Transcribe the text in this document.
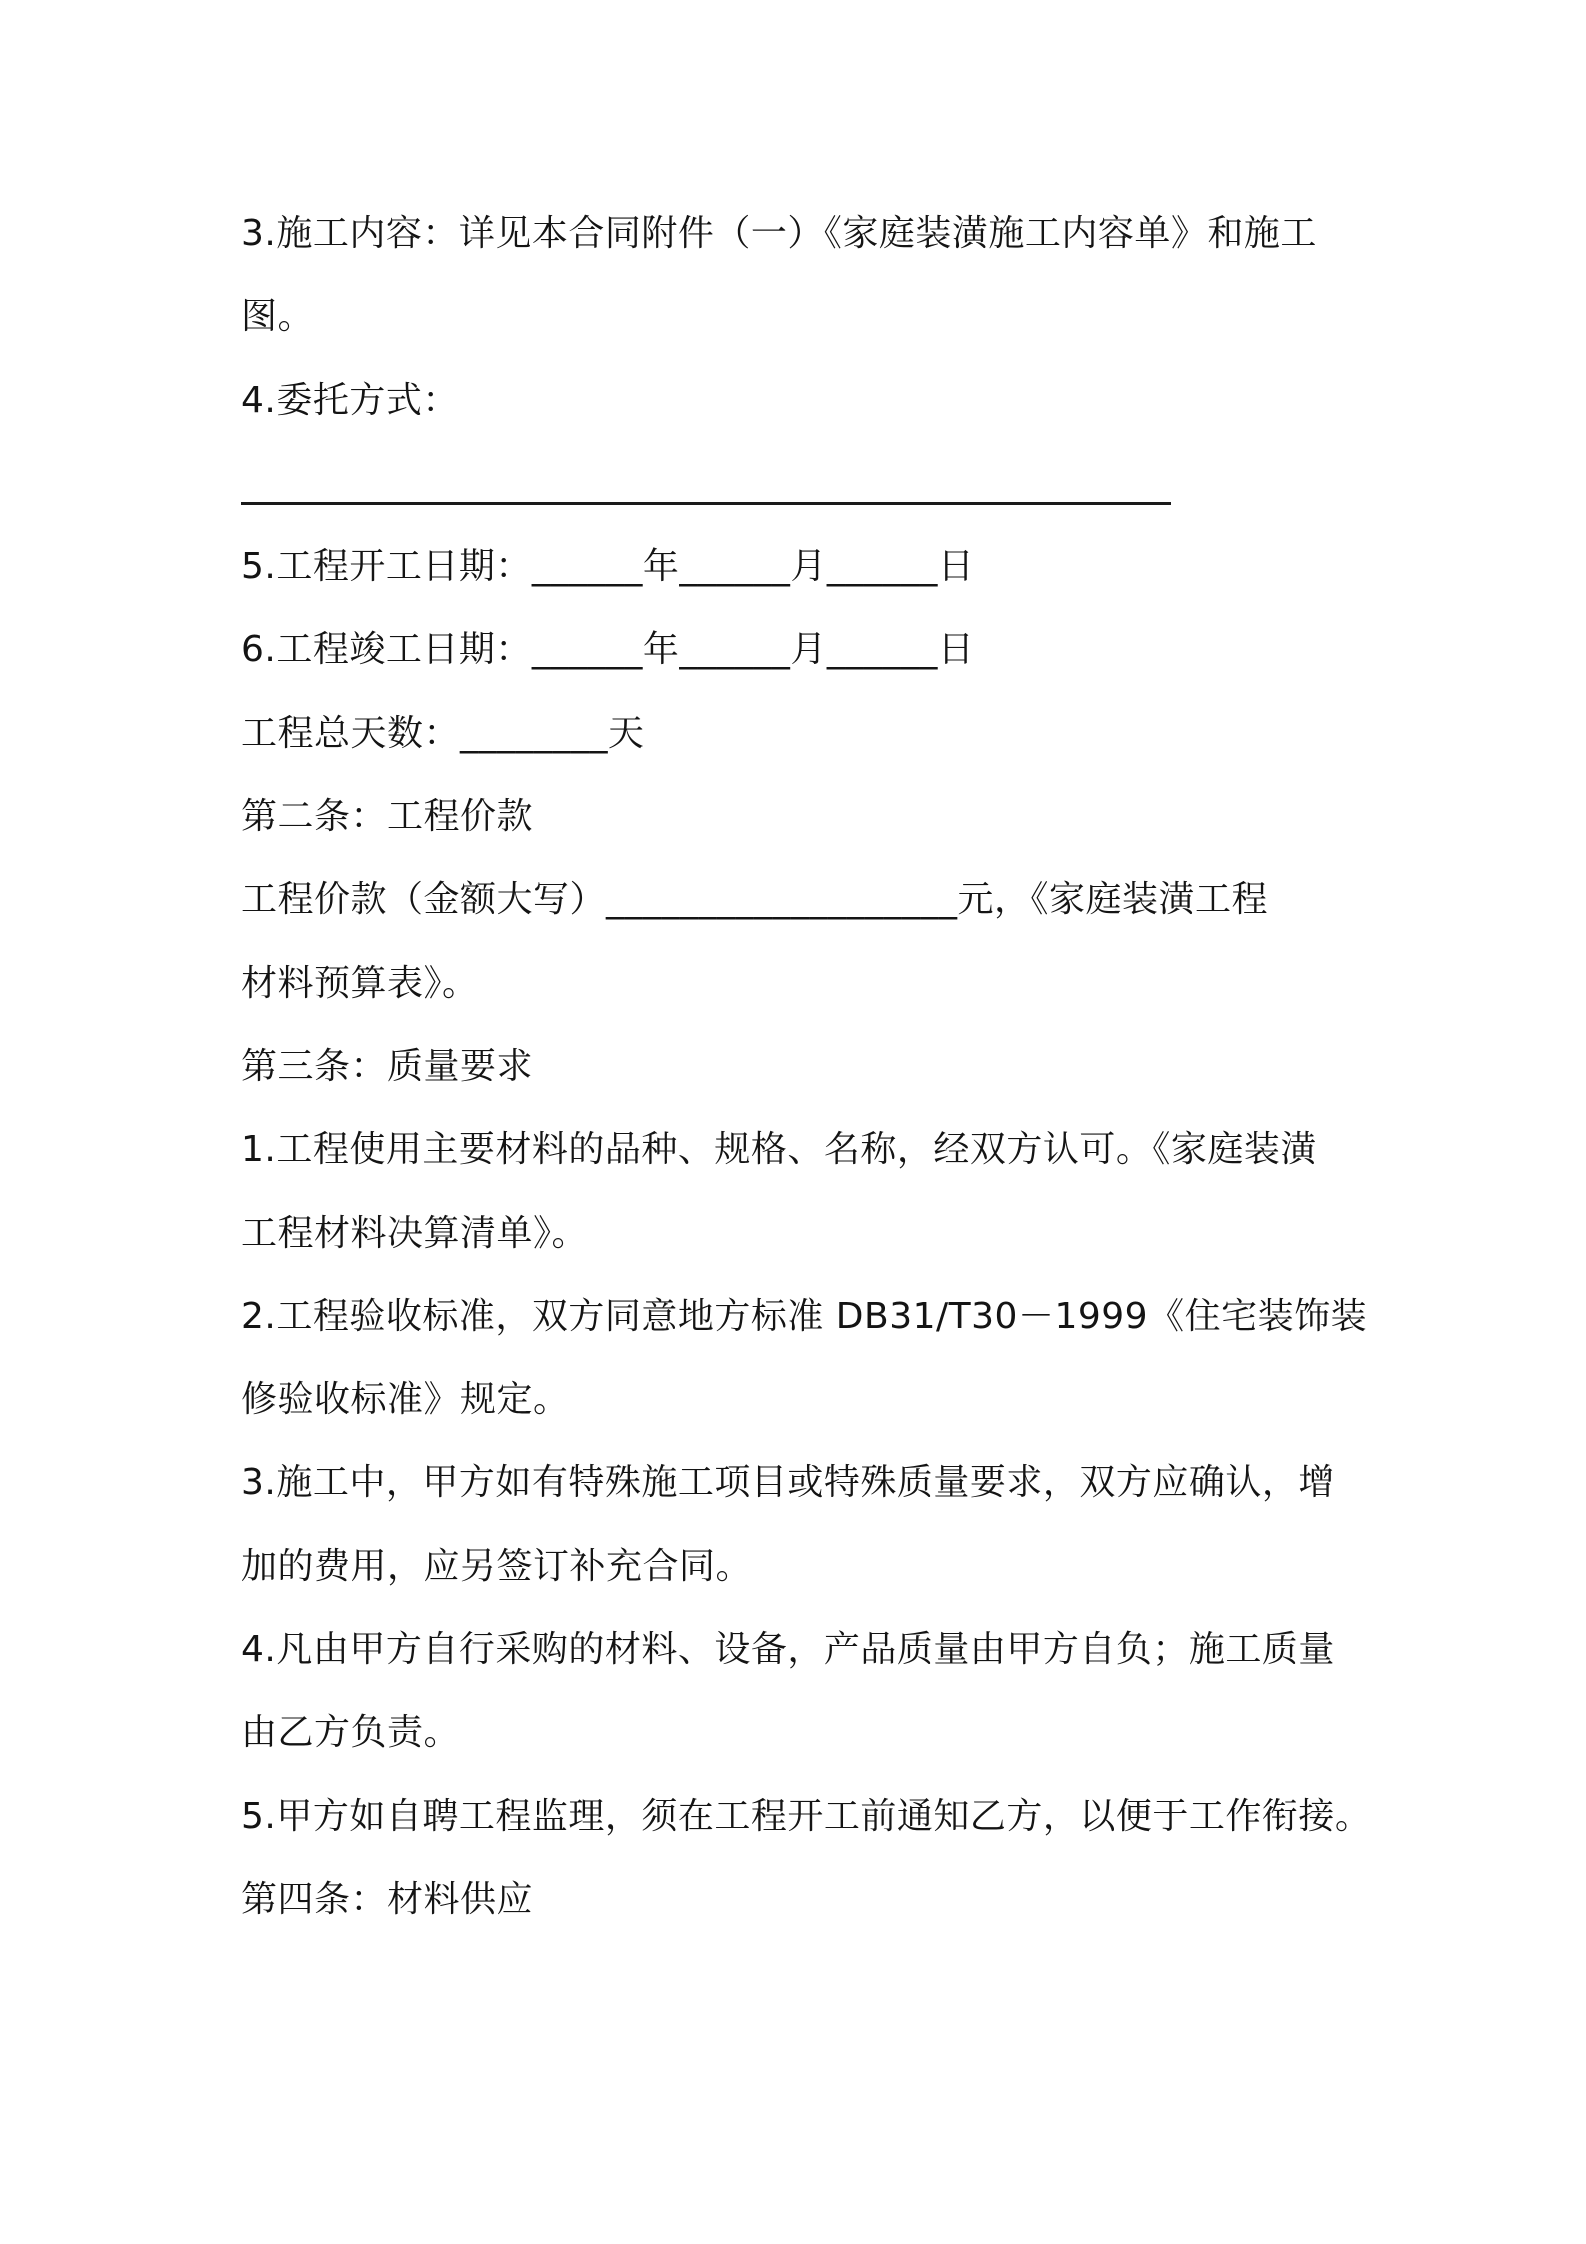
3.施工内容：详见本合同附件（一）《家庭装潢施工内容单》和施工
图。
4.委托方式：
5.工程开工日期：______年______月______日
6.工程竣工日期：______年______月______日
工程总天数：________天
第二条：工程价款
工程价款（金额大写）___________________元，《家庭装潢工程
材料预算表》。
第三条：质量要求
1.工程使用主要材料的品种、规格、名称，经双方认可。《家庭装潢
工程材料决算清单》。
2.工程验收标准，双方同意地方标准 DB31/T30－1999《住宅装饰装
修验收标准》规定。
3.施工中，甲方如有特殊施工项目或特殊质量要求，双方应确认，增
加的费用，应另签订补充合同。
4.凡由甲方自行采购的材料、设备，产品质量由甲方自负；施工质量
由乙方负责。
5.甲方如自聘工程监理，须在工程开工前通知乙方，以便于工作衔接。
第四条：材料供应
